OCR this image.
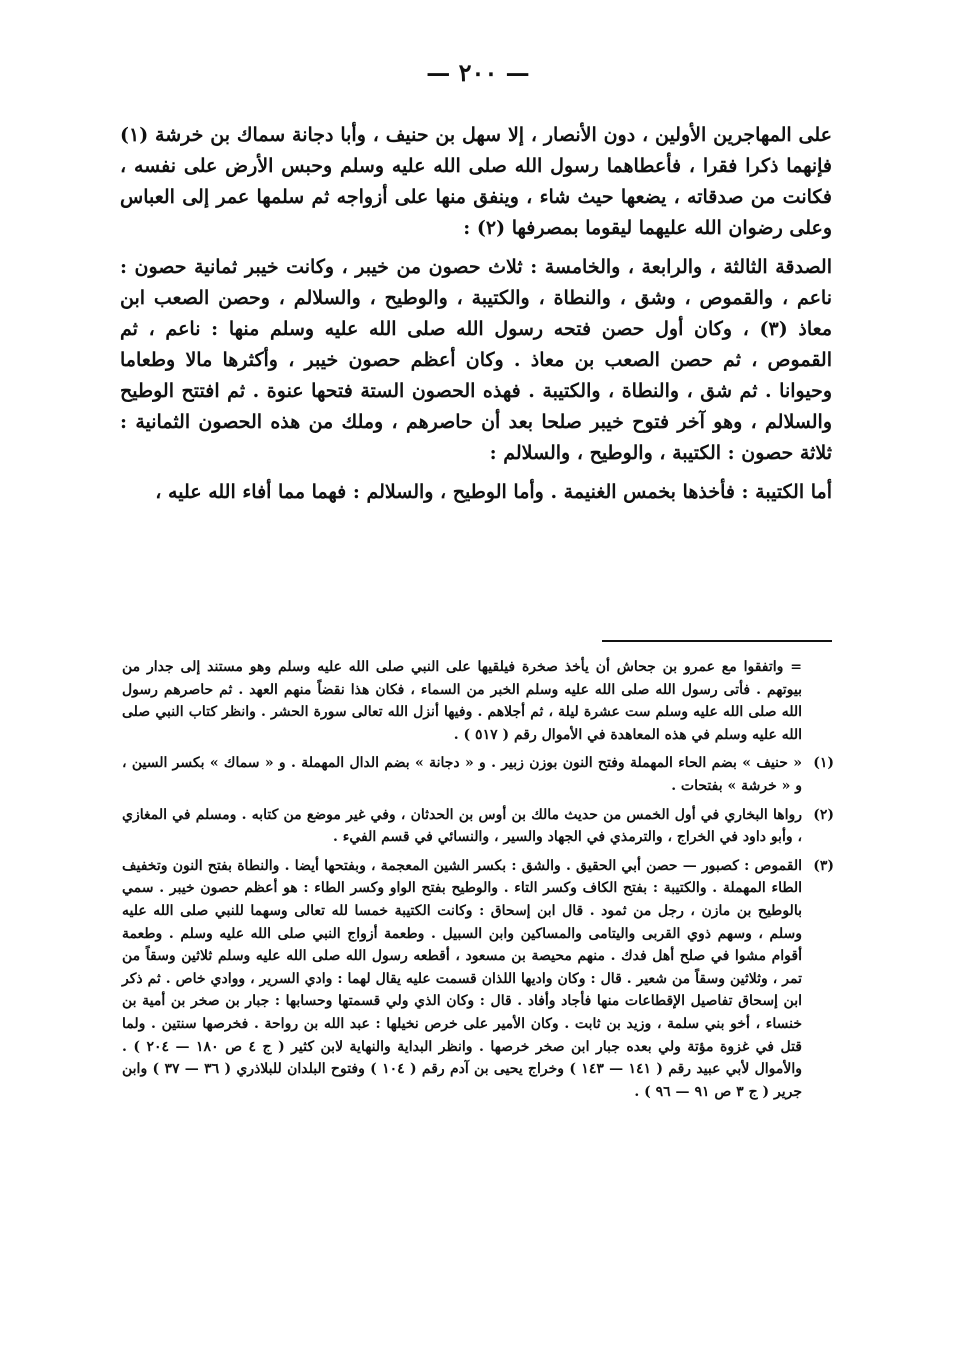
— ٢٠٠ —

على المهاجرين الأولين ، دون الأنصار ، إلا سهل بن حنيف ، وأبا دجانة سماك بن خرشة (١) فإنهما ذكرا فقرا ، فأعطاهما رسول الله صلى الله عليه وسلم وحبس الأرض على نفسه ، فكانت من صدقاته ، يضعها حيث شاء ، وينفق منها على أزواجه ثم سلمها عمر إلى العباس وعلى رضوان الله عليهما ليقوما بمصرفها (٢) :

الصدقة الثالثة ، والرابعة ، والخامسة : ثلاث حصون من خيبر ، وكانت خيبر ثمانية حصون : ناعم ، والقموص ، وشق ، والنطاة ، والكتيبة ، والوطيح ، والسلالم ، وحصن الصعب ابن معاذ (٣) ، وكان أول حصن فتحه رسول الله صلى الله عليه وسلم منها : ناعم ، ثم القموص ، ثم حصن الصعب بن معاذ . وكان أعظم حصون خيبر ، وأكثرها مالا وطعاما وحيوانا . ثم شق ، والنطاة ، والكتيبة . فهذه الحصون الستة فتحها عنوة . ثم افتتح الوطيح والسلالم ، وهو آخر فتوح خيبر صلحا بعد أن حاصرهم ، وملك من هذه الحصون الثمانية : ثلاثة حصون : الكتيبة ، والوطيح ، والسلالم :

أما الكتيبة : فأخذها بخمس الغنيمة . وأما الوطيح ، والسلالم : فهما مما أفاء الله عليه ،

= واتفقوا مع عمرو بن جحاش أن يأخذ صخرة فيلقيها على النبي صلى الله عليه وسلم وهو مستند إلى جدار من بيوتهم . فأتى رسول الله صلى الله عليه وسلم الخبر من السماء ، فكان هذا نقضاً منهم العهد . ثم حاصرهم رسول الله صلى الله عليه وسلم ست عشرة ليلة ، ثم أجلاهم . وفيها أنزل الله تعالى سورة الحشر . وانظر كتاب النبي صلى الله عليه وسلم في هذه المعاهدة في الأموال رقم ( ٥١٧ ) .
(١)
« حنيف » بضم الحاء المهملة وفتح النون بوزن زبير . و « دجانة » بضم الدال المهملة . و « سماك » بكسر السين ، و « خرشة » بفتحات .
(٢)
رواها البخاري في أول الخمس من حديث مالك بن أوس بن الحدثان ، وفي غير موضع من كتابه . ومسلم في المغازي ، وأبو داود في الخراج ، والترمذي في الجهاد والسير ، والنسائي في قسم الفيء .
(٣)
القموص : كصبور — حصن أبي الحقيق . والشق : بكسر الشين المعجمة ، وبفتحها أيضا . والنطاة بفتح النون وتخفيف الطاء المهملة . والكتيبة : بفتح الكاف وكسر التاء . والوطيح بفتح الواو وكسر الطاء : هو أعظم حصون خيبر . سمي بالوطيح بن مازن ، رجل من ثمود . قال ابن إسحاق : وكانت الكتيبة خمسا لله تعالى وسهما للنبي صلى الله عليه وسلم ، وسهم ذوي القربى واليتامى والمساكين وابن السبيل . وطعمة أزواج النبي صلى الله عليه وسلم . وطعمة أقوام مشوا في صلح أهل فدك . منهم محيصة بن مسعود ، أقطعه رسول الله صلى الله عليه وسلم ثلاثين وسقاً من تمر ، وثلاثين وسقاً من شعير . قال : وكان واديها اللذان قسمت عليه يقال لهما : وادي السرير ، ووادي خاص . ثم ذكر ابن إسحاق تفاصيل الإقطاعات منها فأجاد وأفاد . قال : وكان الذي ولي قسمتها وحسابها : جبار بن صخر بن أمية بن خنساء ، أخو بني سلمة ، وزيد بن ثابت . وكان الأمير على خرص نخيلها : عبد الله بن رواحة . فخرصها سنتين . ولما قتل في غزوة مؤتة ولي بعده جبار ابن صخر خرصها . وانظر البداية والنهاية لابن كثير ( ج ٤ ص ١٨٠ — ٢٠٤ ) . والأموال لأبي عبيد رقم ( ١٤١ — ١٤٣ ) وخراج يحيى بن آدم رقم ( ١٠٤ ) وفتوح البلدان للبلاذري ( ٣٦ — ٣٧ ) وابن جرير ( ج ٣ ص ٩١ — ٩٦ ) .
